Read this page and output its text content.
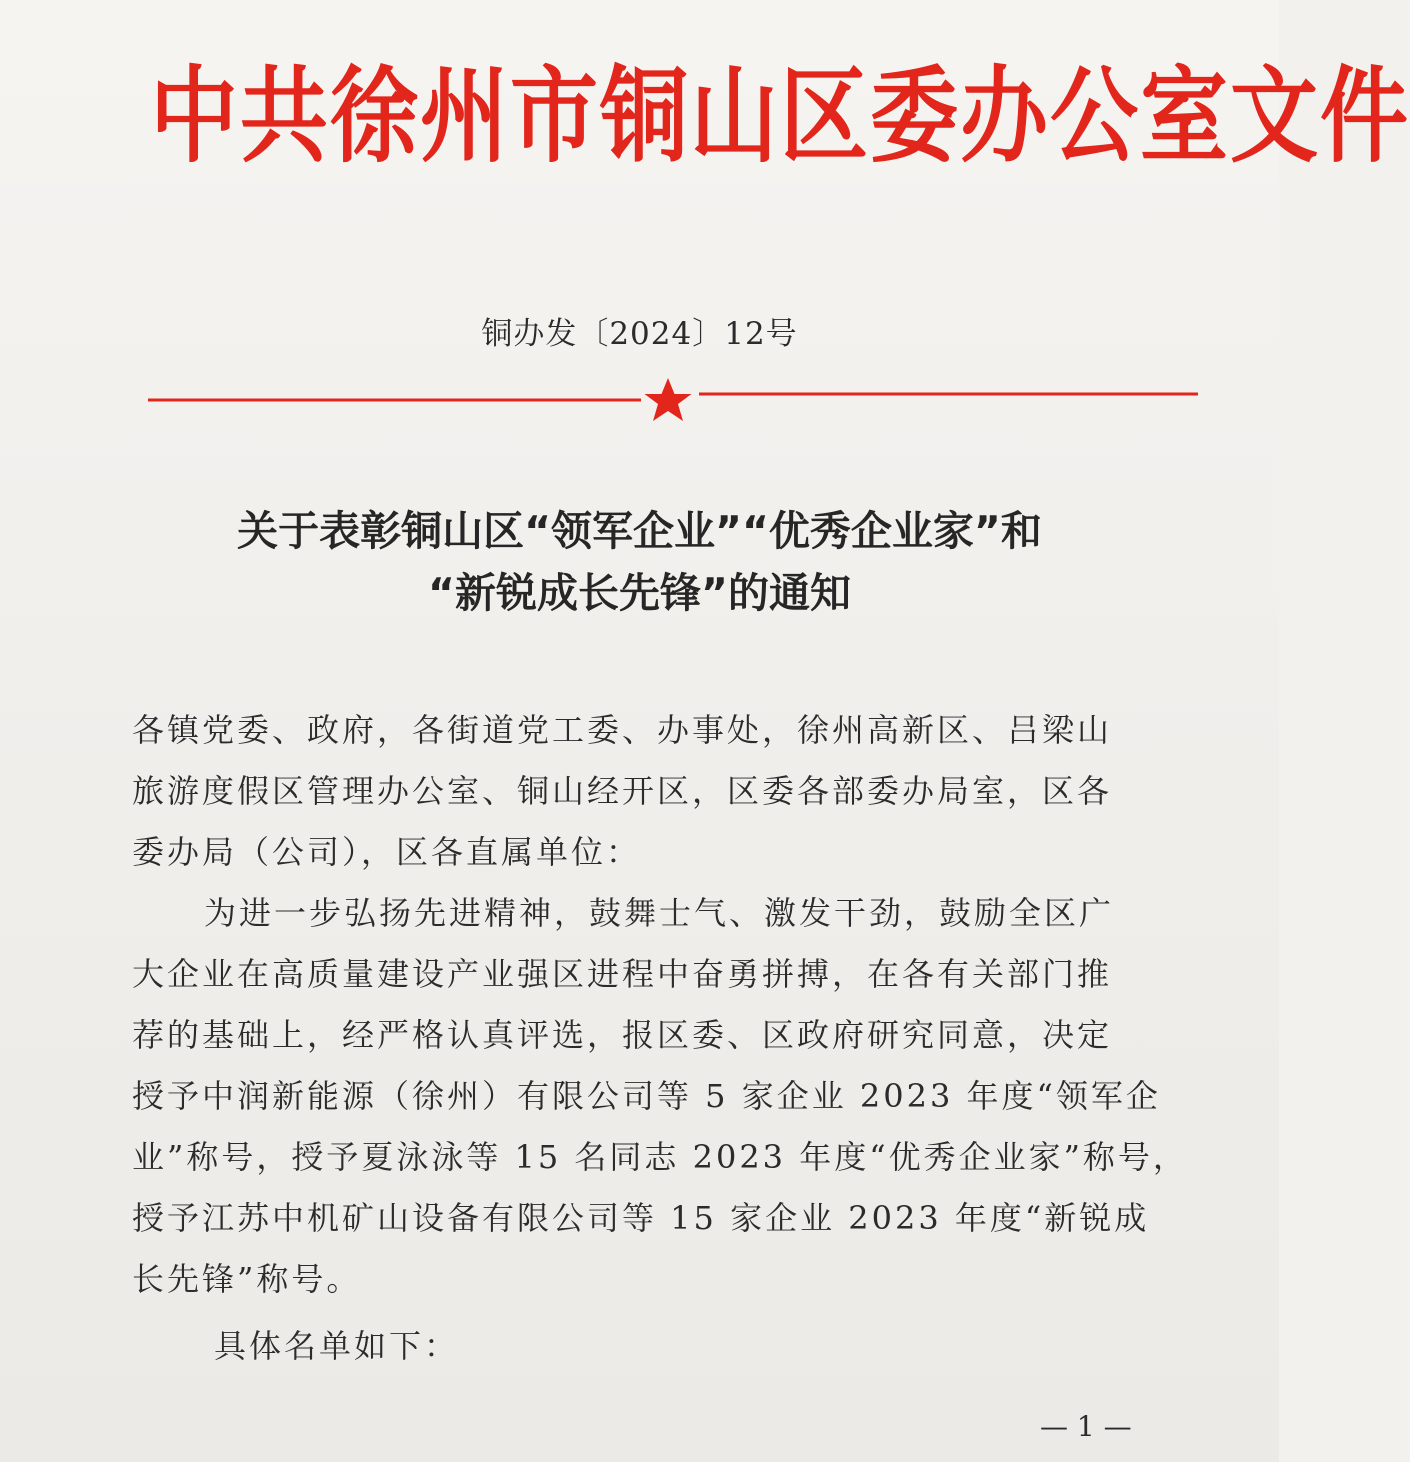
中共徐州市铜山区委办公室文件
铜办发〔2024〕12号
关于表彰铜山区“领军企业”“优秀企业家”和
“新锐成长先锋”的通知
各镇党委、政府，各街道党工委、办事处，徐州高新区、吕梁山
旅游度假区管理办公室、铜山经开区，区委各部委办局室，区各
委办局（公司），区各直属单位：
为进一步弘扬先进精神，鼓舞士气、激发干劲，鼓励全区广
大企业在高质量建设产业强区进程中奋勇拼搏，在各有关部门推
荐的基础上，经严格认真评选，报区委、区政府研究同意，决定
授予中润新能源（徐州）有限公司等 5 家企业 2023 年度“领军企
业”称号，授予夏泳泳等 15 名同志 2023 年度“优秀企业家”称号，
授予江苏中机矿山设备有限公司等 15 家企业 2023 年度“新锐成
长先锋”称号。
具体名单如下：
— 1 —
